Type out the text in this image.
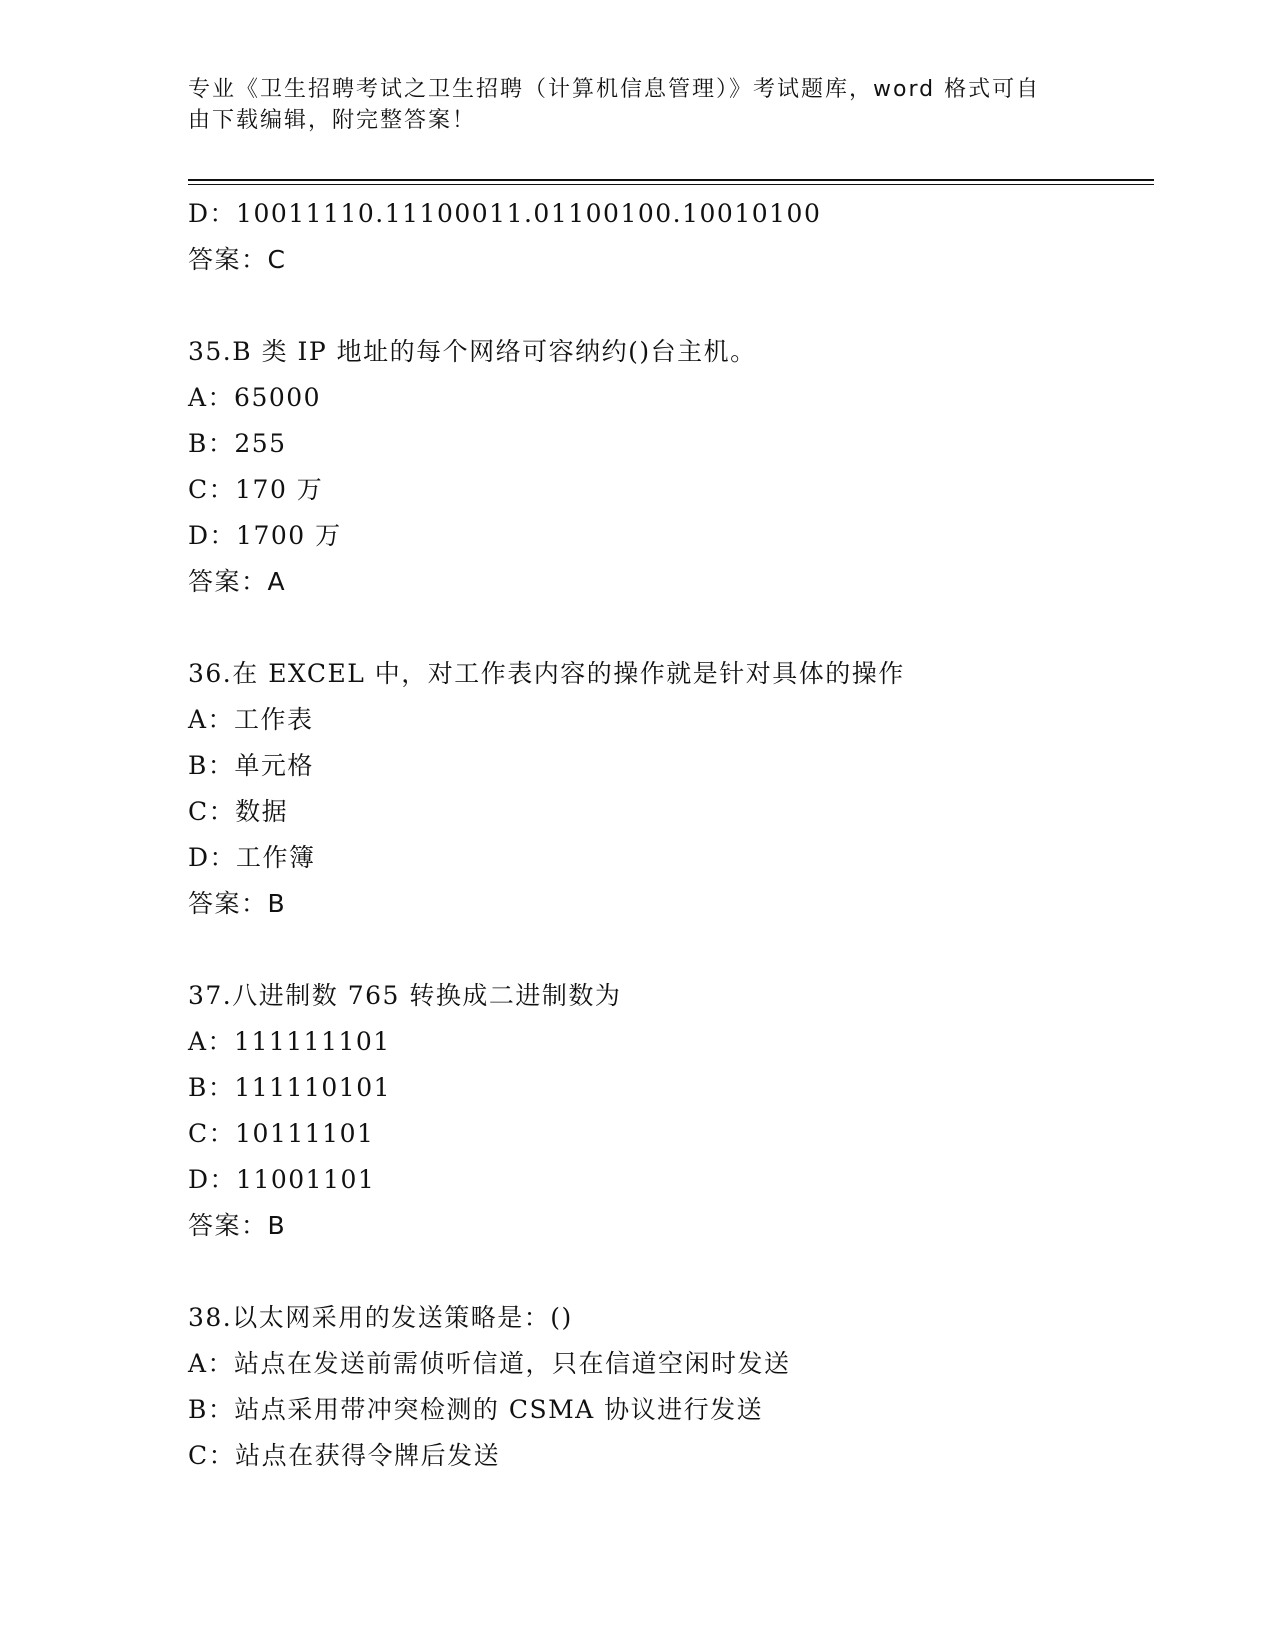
专业《卫生招聘考试之卫生招聘（计算机信息管理）》考试题库，word 格式可自
由下载编辑，附完整答案！
D：10011110.11100011.01100100.10010100
答案：C
35.B 类 IP 地址的每个网络可容纳约()台主机。
A：65000
B：255
C：170 万
D：1700 万
答案：A
36.在 EXCEL 中，对工作表内容的操作就是针对具体的操作
A：工作表
B：单元格
C：数据
D：工作簿
答案：B
37.八进制数 765 转换成二进制数为
A：111111101
B：111110101
C：10111101
D：11001101
答案：B
38.以太网采用的发送策略是：()
A：站点在发送前需侦听信道，只在信道空闲时发送
B：站点采用带冲突检测的 CSMA 协议进行发送
C：站点在获得令牌后发送
